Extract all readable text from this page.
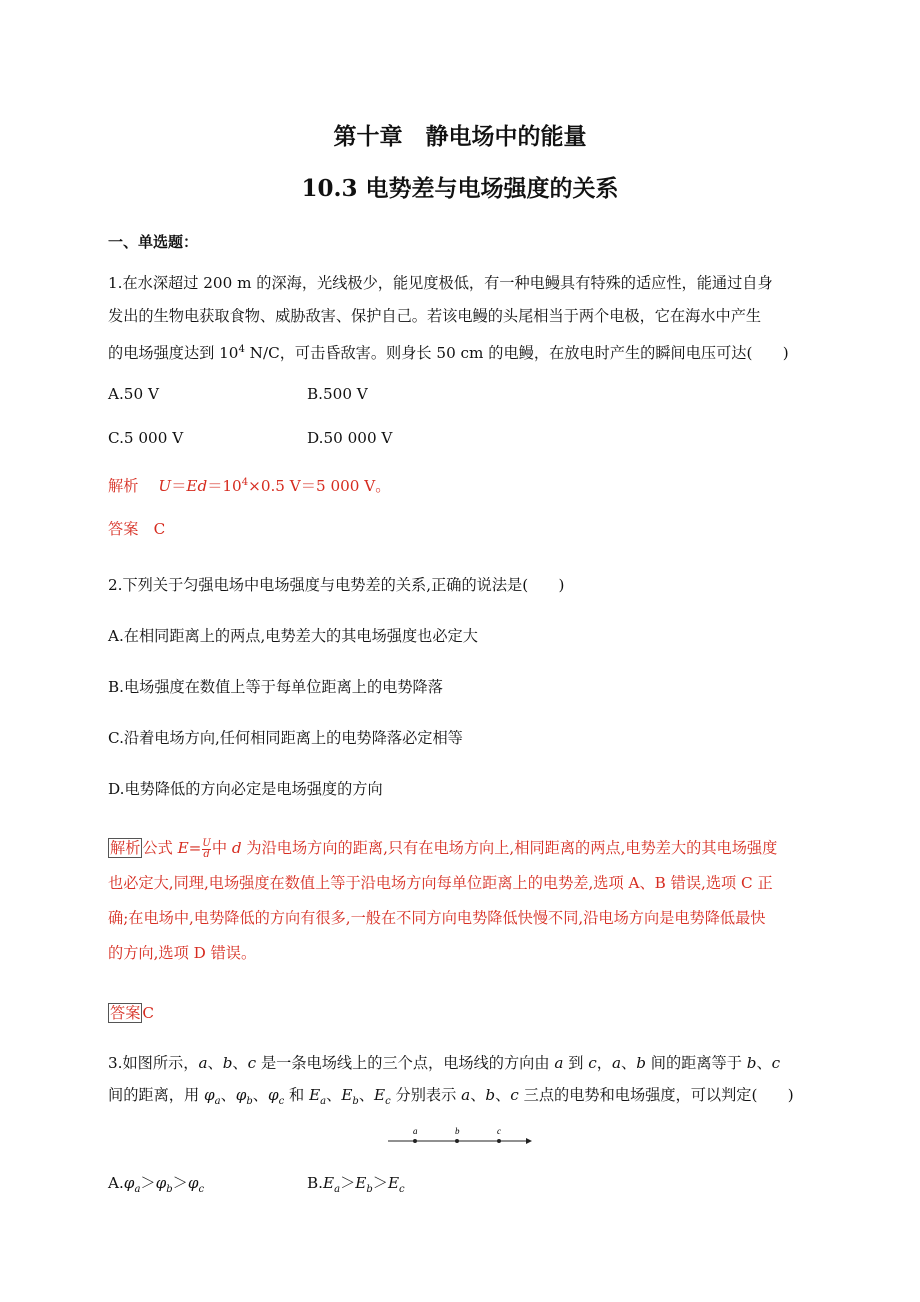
第十章　静电场中的能量
10.3 电势差与电场强度的关系
一、单选题：
1.在水深超过 200 m 的深海，光线极少，能见度极低，有一种电鳗具有特殊的适应性，能通过自身
发出的生物电获取食物、威胁敌害、保护自己。若该电鳗的头尾相当于两个电极，它在海水中产生
的电场强度达到 $10^4$ N/C，可击昏敌害。则身长 50 cm 的电鳗，在放电时产生的瞬间电压可达(　　)
A.50 V	B.500 V
C.5 000 V	D.50 000 V
解析　 $U=Ed=10^4\times 0.5$ V＝5 000 V。
答案　 C
2.下列关于匀强电场中电场强度与电势差的关系,正确的说法是(　　)
A.在相同距离上的两点,电势差大的其电场强度也必定大
B.电场强度在数值上等于每单位距离上的电势降落
C.沿着电场方向,任何相同距离上的电势降落必定相等
D.电势降低的方向必定是电场强度的方向
解析 公式 $E= \frac{U}{d}$ 中 d 为沿电场方向的距离,只有在电场方向上,相同距离的两点,电势差大的其电场强度
也必定大,同理,电场强度在数值上等于沿电场方向每单位距离上的电势差,选项 A、B 错误,选项 C 正
确;在电场中,电势降低的方向有很多,一般在不同方向电势降低快慢不同,沿电场方向是电势降低最快
的方向,选项 D 错误。
答案 C
3.如图所示，a、b、c 是一条电场线上的三个点，电场线的方向由 a 到 c，a、b 间的距离等于 b、c
间的距离，用 $\varphi_a$、$\varphi_b$、$\varphi_c$ 和 $E_a$、$E_b$、$E_c$ 分别表示 a、b、c 三点的电势和电场强度，可以判定(　　)
a	b	c
$A.\varphi_a>\varphi_b>\varphi_c$	$B.E_a>E_b>E_c$
